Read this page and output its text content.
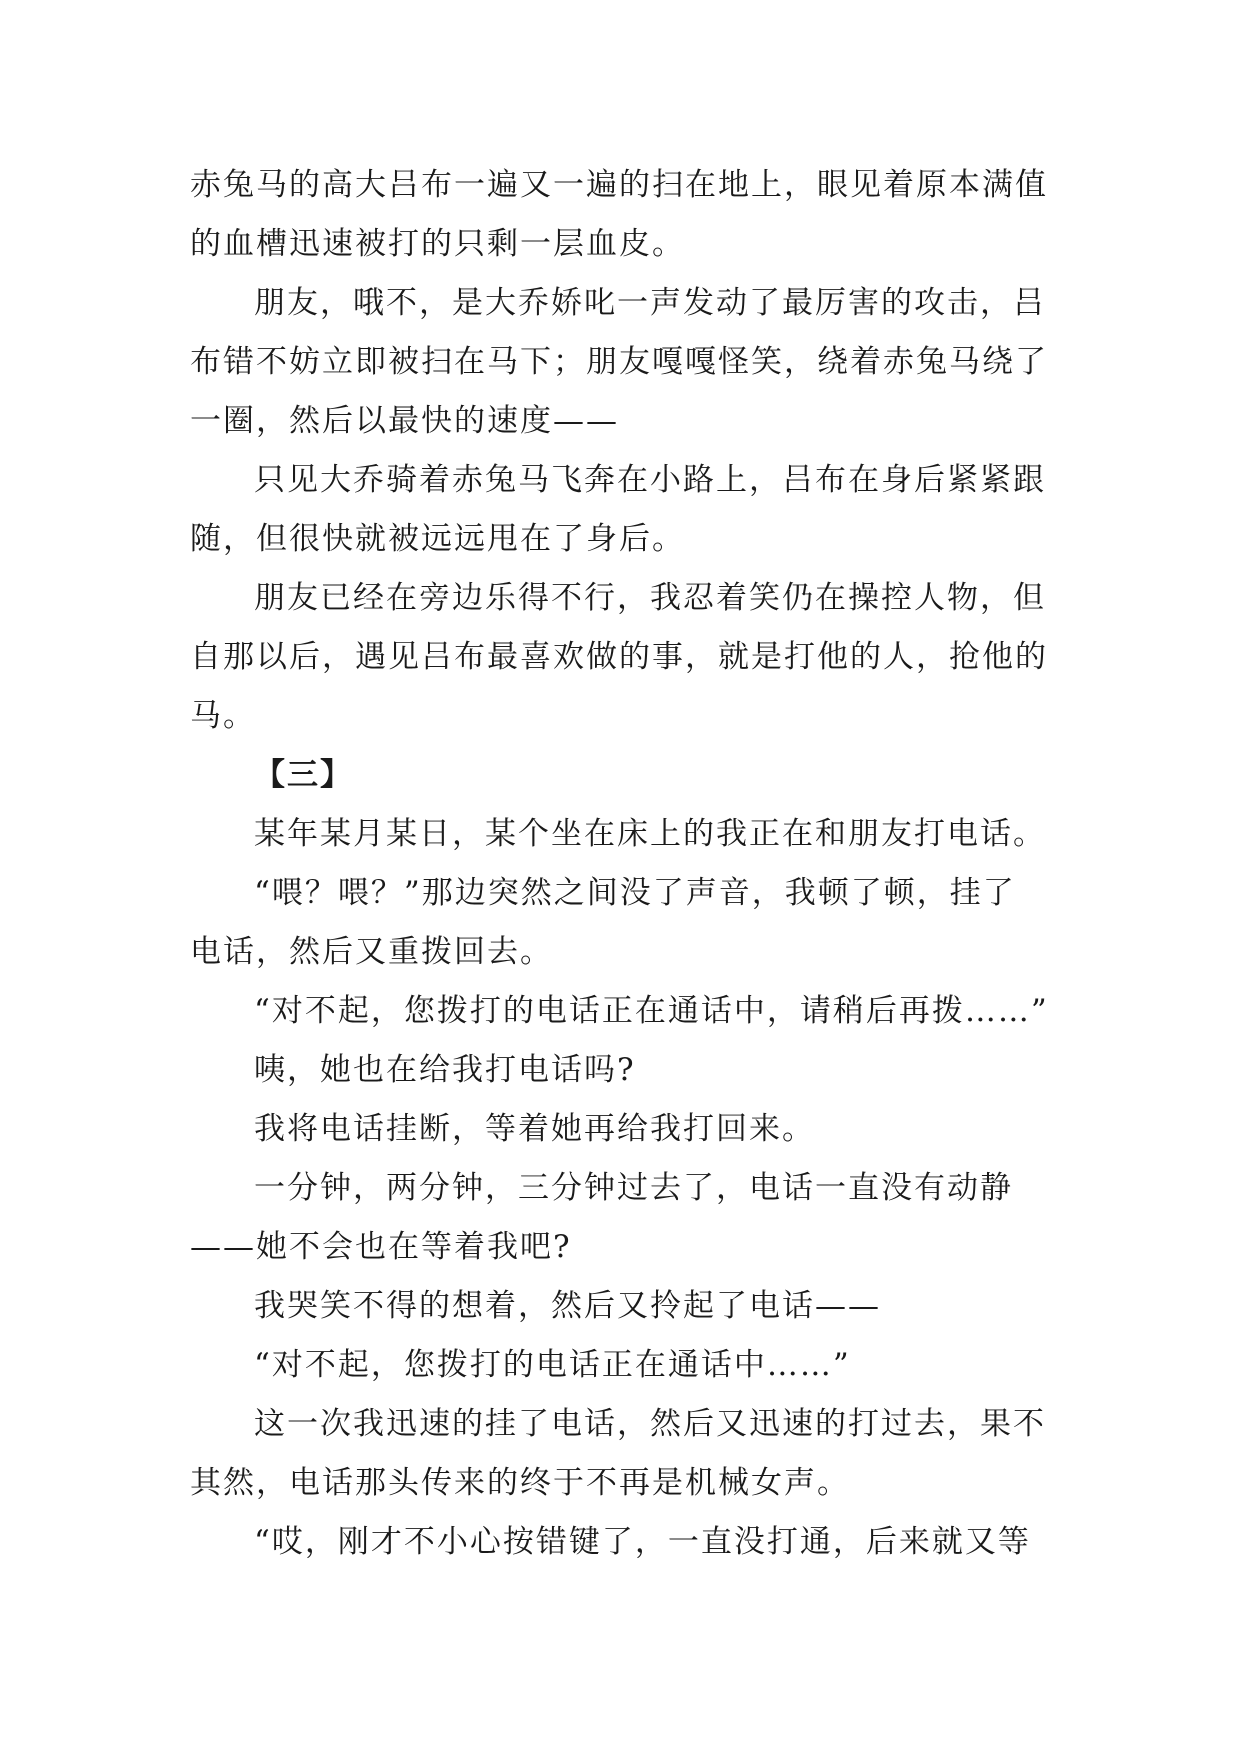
赤兔马的高大吕布一遍又一遍的扫在地上，眼见着原本满值
的血槽迅速被打的只剩一层血皮。

朋友，哦不，是大乔娇叱一声发动了最厉害的攻击，吕
布错不妨立即被扫在马下；朋友嘎嘎怪笑，绕着赤兔马绕了
一圈，然后以最快的速度——

只见大乔骑着赤兔马飞奔在小路上，吕布在身后紧紧跟
随，但很快就被远远甩在了身后。

朋友已经在旁边乐得不行，我忍着笑仍在操控人物，但
自那以后，遇见吕布最喜欢做的事，就是打他的人，抢他的
马。

【三】

某年某月某日，某个坐在床上的我正在和朋友打电话。

“喂？喂？”那边突然之间没了声音，我顿了顿，挂了
电话，然后又重拨回去。

“对不起，您拨打的电话正在通话中，请稍后再拨……”

咦，她也在给我打电话吗?

我将电话挂断，等着她再给我打回来。

一分钟，两分钟，三分钟过去了，电话一直没有动静
——她不会也在等着我吧?

我哭笑不得的想着，然后又拎起了电话——

“对不起，您拨打的电话正在通话中……”

这一次我迅速的挂了电话，然后又迅速的打过去，果不
其然，电话那头传来的终于不再是机械女声。

“哎，刚才不小心按错键了，一直没打通，后来就又等
